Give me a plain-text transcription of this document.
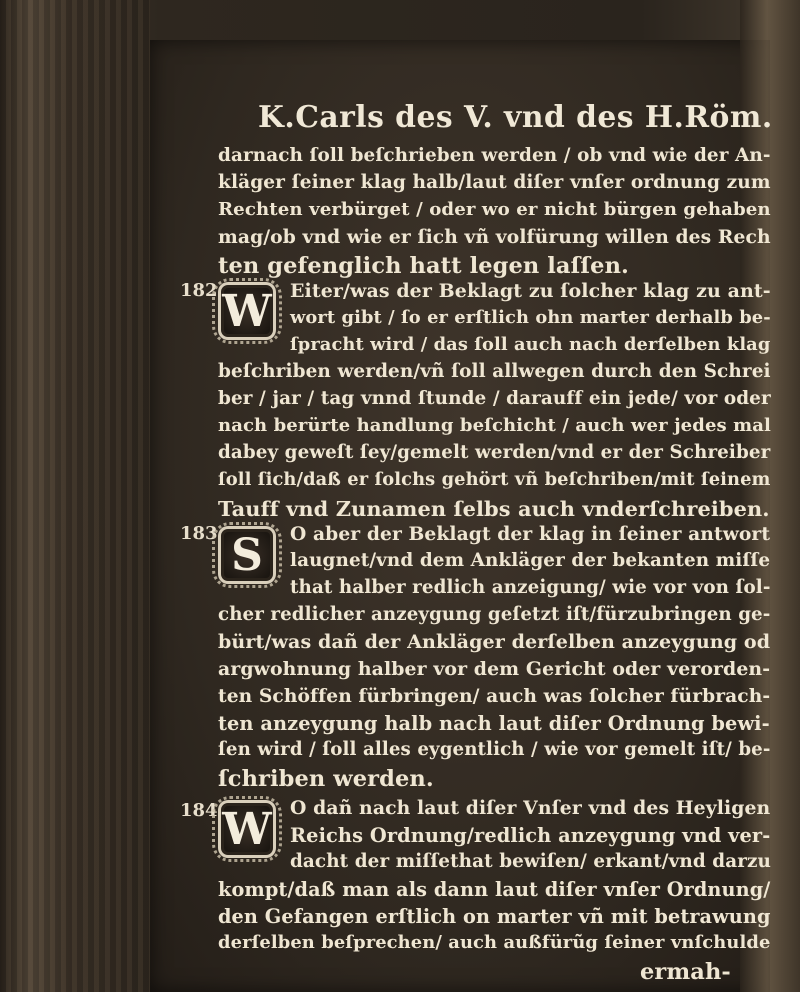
K.Carls des V. vnd des H.Röm.
darnach ſoll beſchrieben werden / ob vnd wie der An-
kläger ſeiner klag halb/laut diſer vnſer ordnung zum
Rechten verbürget / oder wo er nicht bürgen gehaben
mag/ob vnd wie er ſich vñ volfürung willen des Rech
ten gefenglich hatt legen laſſen.
182 W Eiter/was der Beklagt zu ſolcher klag zu ant-
wort gibt / ſo er erſtlich ohn marter derhalb be-
ſpracht wird / das ſoll auch nach derſelben klag
beſchriben werden/vñ ſoll allwegen durch den Schrei
ber / jar / tag vnnd ſtunde / darauff ein jede/ vor oder
nach berürte handlung beſchicht / auch wer jedes mal
dabey geweſt ſey/gemelt werden/vnd er der Schreiber
ſoll ſich/daß er ſolchs gehört vñ beſchriben/mit ſeinem
Tauff vnd Zunamen ſelbs auch vnderſchreiben.
183 S O aber der Beklagt der klag in ſeiner antwort
laugnet/vnd dem Ankläger der bekanten miſſe
that halber redlich anzeigung/ wie vor von ſol-
cher redlicher anzeygung geſetzt iſt/fürzubringen ge-
bürt/was dañ der Ankläger derſelben anzeygung od
argwohnung halber vor dem Gericht oder verorden-
ten Schöffen fürbringen/ auch was ſolcher fürbrach-
ten anzeygung halb nach laut diſer Ordnung bewi-
ſen wird / ſoll alles eygentlich / wie vor gemelt iſt/ be-
ſchriben werden.
184 W O dañ nach laut diſer Vnſer vnd des Heyligen
Reichs Ordnung/redlich anzeygung vnd ver-
dacht der miſſethat bewiſen/ erkant/vnd darzu
kompt/daß man als dann laut diſer vnſer Ordnung/
den Gefangen erſtlich on marter vñ mit betrawung
derſelben beſprechen/ auch außfürũg ſeiner vnſchulde
ermah-
